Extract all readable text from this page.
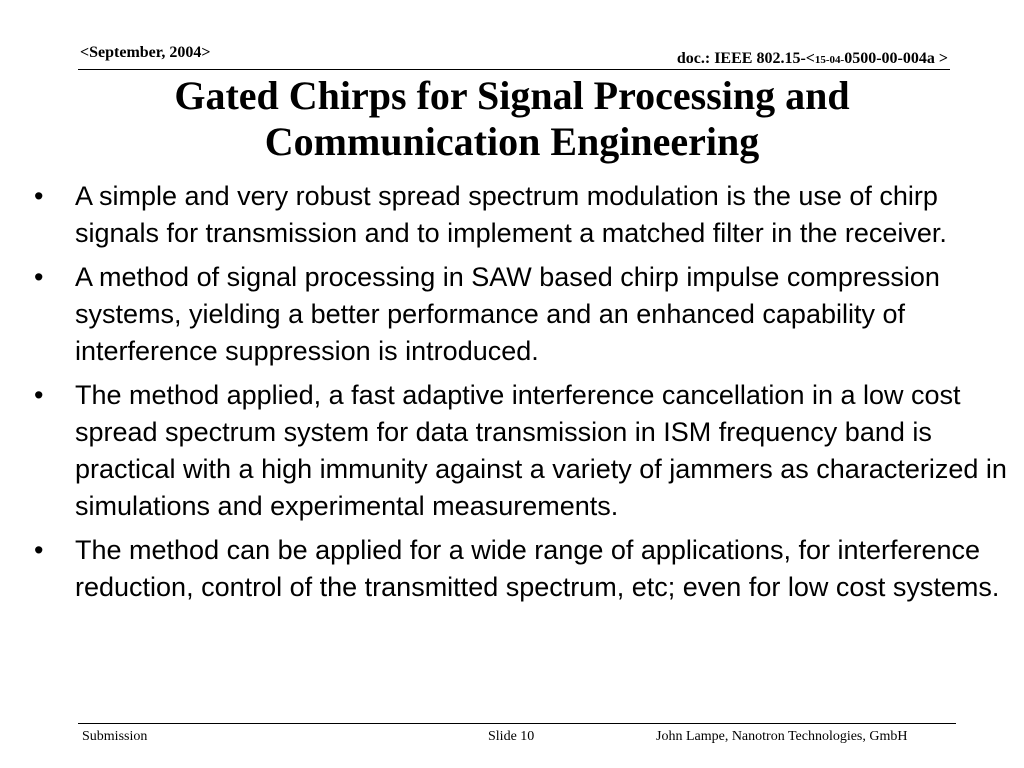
<September, 2004>	doc.: IEEE 802.15-<15-04-0500-00-004a >
Gated Chirps for Signal Processing and
Communication Engineering
• A simple and very robust spread spectrum modulation is the use of chirp signals for transmission and to implement a matched filter in the receiver.
• A method of signal processing in SAW based chirp impulse compression systems, yielding a better performance and an enhanced capability of interference suppression is introduced.
• The method applied, a fast adaptive interference cancellation in a low cost spread spectrum system for data transmission in ISM frequency band is practical with a high immunity against a variety of jammers as characterized in simulations and experimental measurements.
• The method can be applied for a wide range of applications, for interference reduction, control of the transmitted spectrum, etc; even for low cost systems.
Submission	Slide 10	John Lampe, Nanotron Technologies, GmbH
